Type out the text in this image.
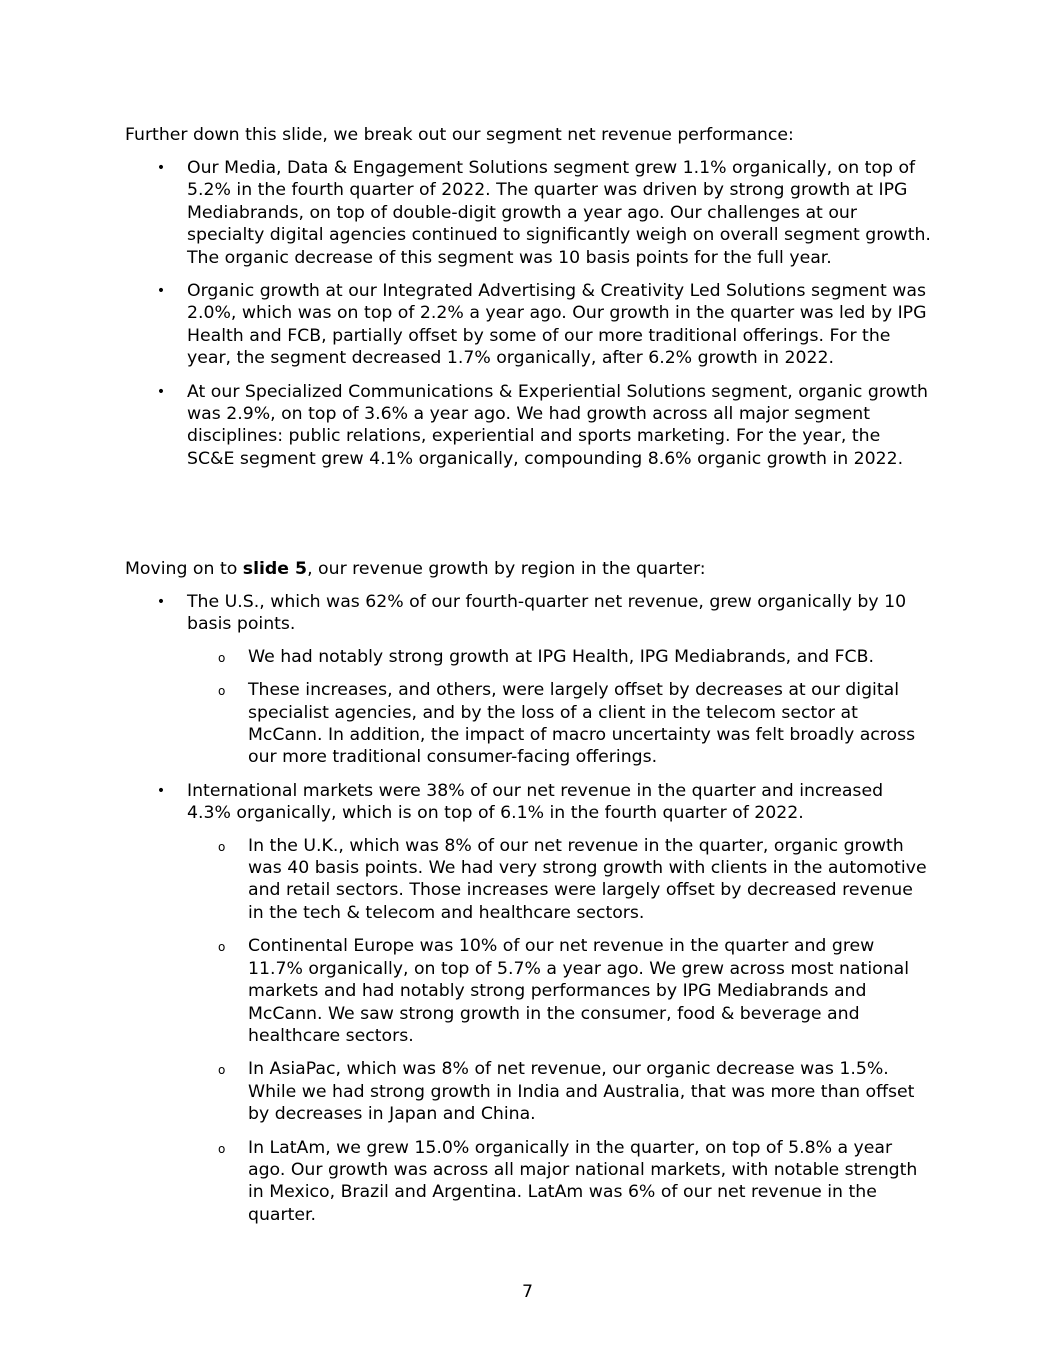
Further down this slide, we break out our segment net revenue performance:

• Our Media, Data & Engagement Solutions segment grew 1.1% organically, on top of 5.2% in the fourth quarter of 2022. The quarter was driven by strong growth at IPG Mediabrands, on top of double-digit growth a year ago. Our challenges at our specialty digital agencies continued to significantly weigh on overall segment growth. The organic decrease of this segment was 10 basis points for the full year.
• Organic growth at our Integrated Advertising & Creativity Led Solutions segment was 2.0%, which was on top of 2.2% a year ago. Our growth in the quarter was led by IPG Health and FCB, partially offset by some of our more traditional offerings. For the year, the segment decreased 1.7% organically, after 6.2% growth in 2022.
• At our Specialized Communications & Experiential Solutions segment, organic growth was 2.9%, on top of 3.6% a year ago. We had growth across all major segment disciplines: public relations, experiential and sports marketing. For the year, the SC&E segment grew 4.1% organically, compounding 8.6% organic growth in 2022.

Moving on to slide 5, our revenue growth by region in the quarter:

• The U.S., which was 62% of our fourth-quarter net revenue, grew organically by 10 basis points.
o We had notably strong growth at IPG Health, IPG Mediabrands, and FCB.
o These increases, and others, were largely offset by decreases at our digital specialist agencies, and by the loss of a client in the telecom sector at McCann. In addition, the impact of macro uncertainty was felt broadly across our more traditional consumer-facing offerings.
• International markets were 38% of our net revenue in the quarter and increased 4.3% organically, which is on top of 6.1% in the fourth quarter of 2022.
o In the U.K., which was 8% of our net revenue in the quarter, organic growth was 40 basis points. We had very strong growth with clients in the automotive and retail sectors. Those increases were largely offset by decreased revenue in the tech & telecom and healthcare sectors.
o Continental Europe was 10% of our net revenue in the quarter and grew 11.7% organically, on top of 5.7% a year ago. We grew across most national markets and had notably strong performances by IPG Mediabrands and McCann. We saw strong growth in the consumer, food & beverage and healthcare sectors.
o In AsiaPac, which was 8% of net revenue, our organic decrease was 1.5%. While we had strong growth in India and Australia, that was more than offset by decreases in Japan and China.
o In LatAm, we grew 15.0% organically in the quarter, on top of 5.8% a year ago. Our growth was across all major national markets, with notable strength in Mexico, Brazil and Argentina. LatAm was 6% of our net revenue in the quarter.
7
